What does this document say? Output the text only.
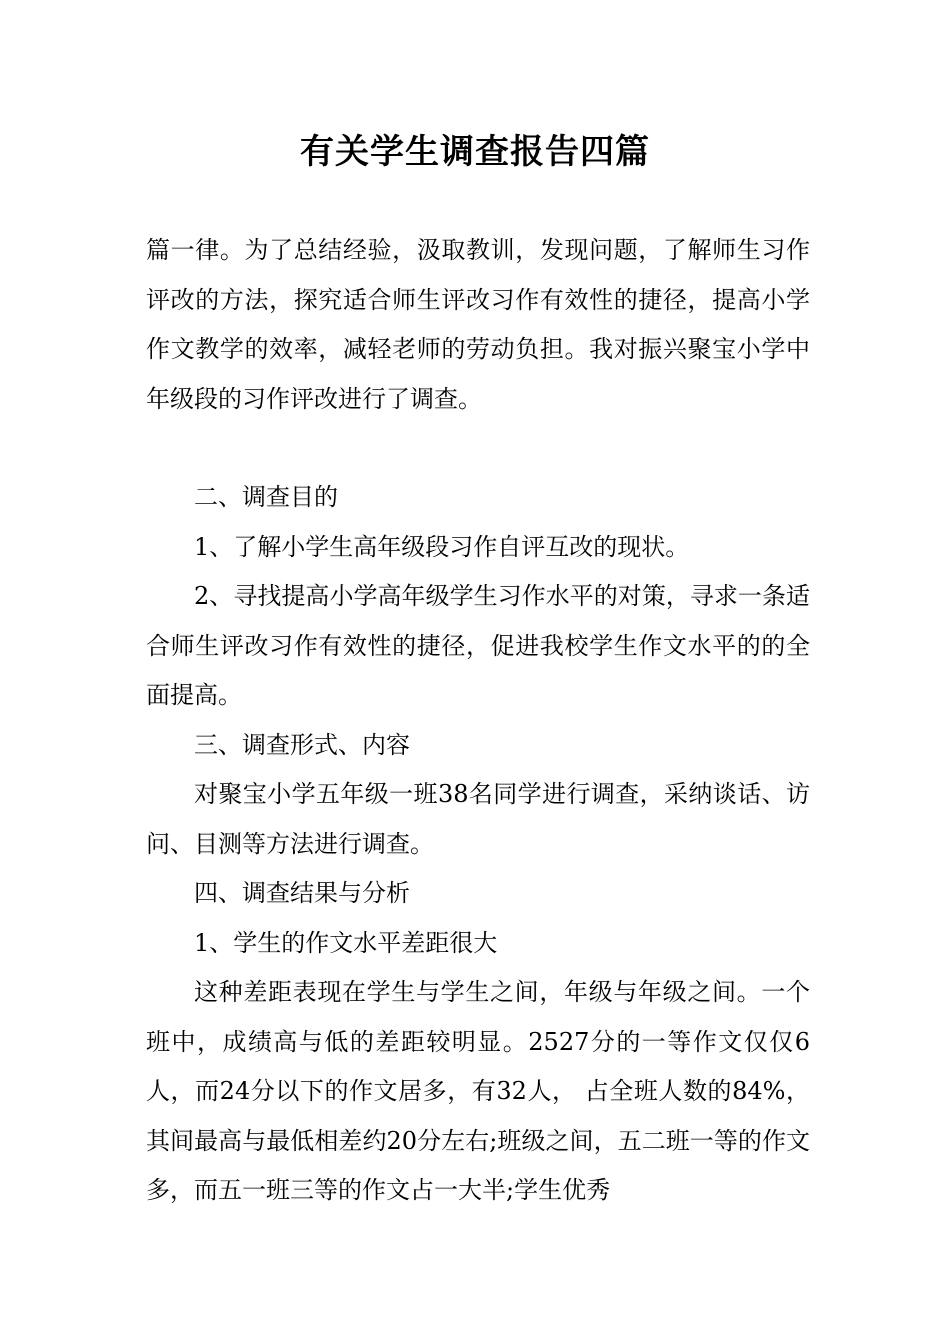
有关学生调查报告四篇

篇一律。为了总结经验，汲取教训，发现问题，了解师生习作评改的方法，探究适合师生评改习作有效性的捷径，提高小学作文教学的效率，减轻老师的劳动负担。我对振兴聚宝小学中年级段的习作评改进行了调查。

二、调查目的

1、了解小学生高年级段习作自评互改的现状。

2、寻找提高小学高年级学生习作水平的对策，寻求一条适合师生评改习作有效性的捷径，促进我校学生作文水平的的全面提高。

三、调查形式、内容

对聚宝小学五年级一班38名同学进行调查，采纳谈话、访问、目测等方法进行调查。

四、调查结果与分析

1、学生的作文水平差距很大

这种差距表现在学生与学生之间，年级与年级之间。一个班中，成绩高与低的差距较明显。2527分的一等作文仅仅6人，而24分以下的作文居多，有32人， 占全班人数的84%，其间最高与最低相差约20分左右;班级之间，五二班一等的作文多，而五一班三等的作文占一大半;学生优秀
